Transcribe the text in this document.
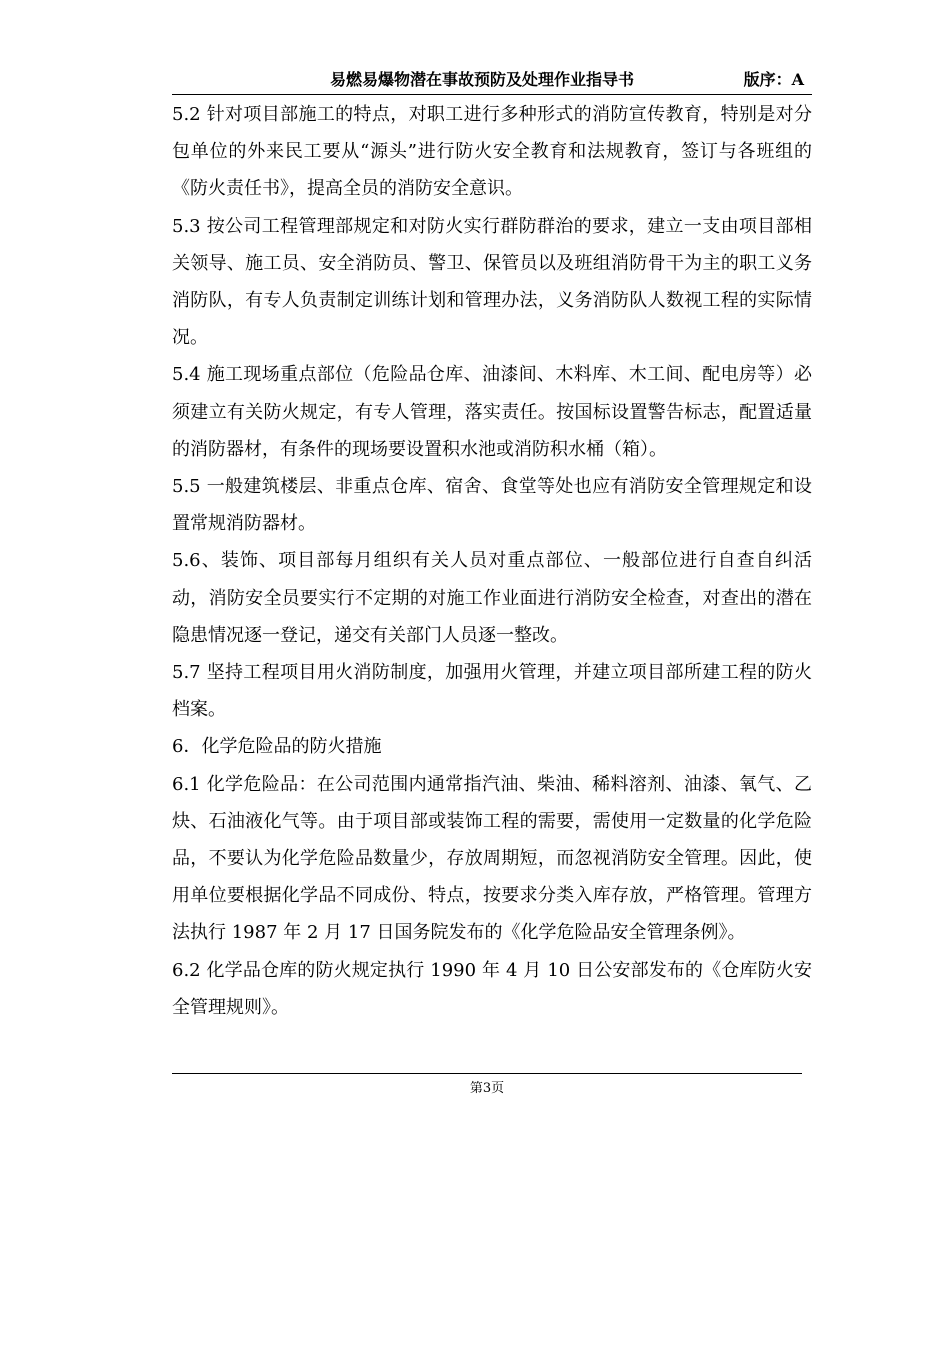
易燃易爆物潜在事故预防及处理作业指导书	版序：A

5.2 针对项目部施工的特点，对职工进行多种形式的消防宣传教育，特别是对分包单位的外来民工要从“源头”进行防火安全教育和法规教育，签订与各班组的《防火责任书》，提高全员的消防安全意识。

5.3 按公司工程管理部规定和对防火实行群防群治的要求，建立一支由项目部相关领导、施工员、安全消防员、警卫、保管员以及班组消防骨干为主的职工义务消防队，有专人负责制定训练计划和管理办法，义务消防队人数视工程的实际情况。

5.4 施工现场重点部位（危险品仓库、油漆间、木料库、木工间、配电房等）必须建立有关防火规定，有专人管理，落实责任。按国标设置警告标志，配置适量的消防器材，有条件的现场要设置积水池或消防积水桶（箱）。

5.5 一般建筑楼层、非重点仓库、宿舍、食堂等处也应有消防安全管理规定和设置常规消防器材。

5.6、装饰、项目部每月组织有关人员对重点部位、一般部位进行自查自纠活动，消防安全员要实行不定期的对施工作业面进行消防安全检查，对查出的潜在隐患情况逐一登记，递交有关部门人员逐一整改。

5.7 坚持工程项目用火消防制度，加强用火管理，并建立项目部所建工程的防火档案。

6．化学危险品的防火措施

6.1 化学危险品：在公司范围内通常指汽油、柴油、稀料溶剂、油漆、氧气、乙炔、石油液化气等。由于项目部或装饰工程的需要，需使用一定数量的化学危险品，不要认为化学危险品数量少，存放周期短，而忽视消防安全管理。因此，使用单位要根据化学品不同成份、特点，按要求分类入库存放，严格管理。管理方法执行 1987 年 2 月 17 日国务院发布的《化学危险品安全管理条例》。

6.2 化学品仓库的防火规定执行 1990 年 4 月 10 日公安部发布的《仓库防火安全管理规则》。

第3页
